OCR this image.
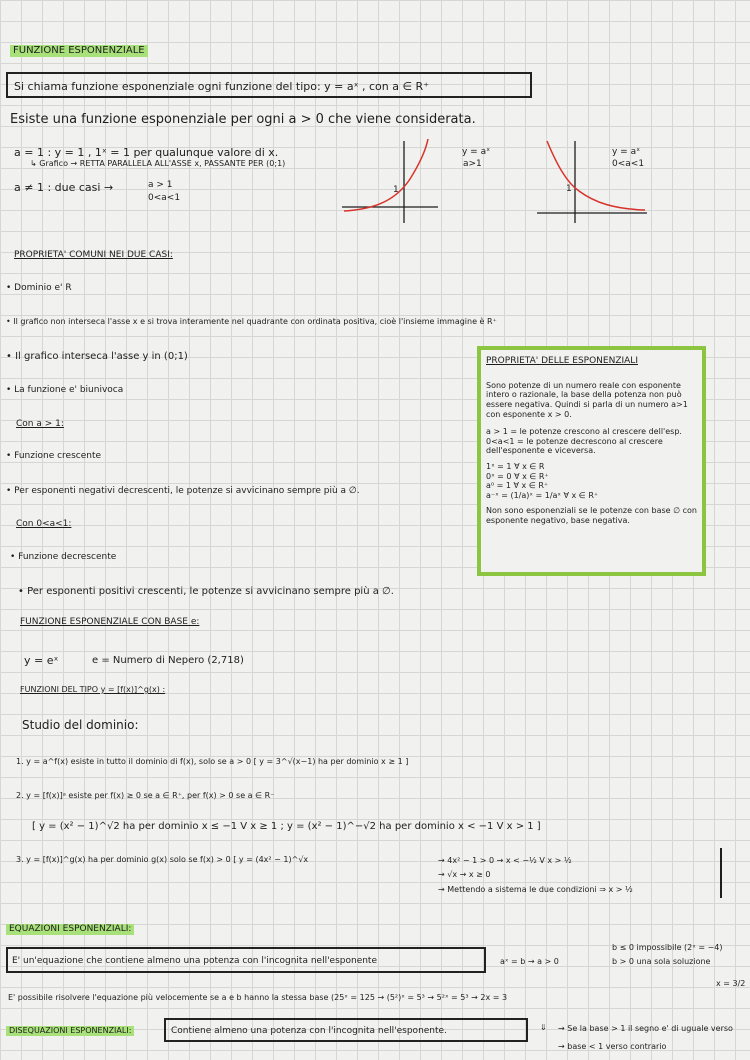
FUNZIONE ESPONENZIALE
Si chiama funzione esponenziale ogni funzione del tipo: y = aˣ , con a ∈ R⁺
Esiste una funzione esponenziale per ogni a > 0 che viene considerata.
a = 1 : y = 1 , 1ˣ = 1 per qualunque valore di x.
↳ Grafico → RETTA PARALLELA ALL'ASSE x, PASSANTE PER (0;1)
a ≠ 1 : due casi →	a > 1
0<a<1
1
y = aˣ
a>1
1
y = aˣ
0<a<1
PROPRIETA' COMUNI NEI DUE CASI:
• Dominio e' R
• Il grafico non interseca l'asse x e si trova interamente nel quadrante con ordinata positiva, cioè l'insieme immagine è R⁺
• Il grafico interseca l'asse y in (0;1)
• La funzione e' biunivoca
Con a > 1:
• Funzione crescente
• Per esponenti negativi decrescenti, le potenze si avvicinano sempre più a ∅.
Con 0<a<1:
• Funzione decrescente
• Per esponenti positivi crescenti, le potenze si avvicinano sempre più a ∅.
PROPRIETA' DELLE ESPONENZIALI
Sono potenze di un numero reale con esponente intero o razionale, la base della potenza non può essere negativa. Quindi si parla di un numero a>1 con esponente x > 0.
a > 1 = le potenze crescono al crescere dell'esp. 0<a<1 = le potenze decrescono al crescere dell'esponente e viceversa.
1ˣ = 1 ∀ x ∈ R
0ˣ = 0 ∀ x ∈ R⁺
a⁰ = 1 ∀ x ∈ R⁺
a⁻ˣ = (1/a)ˣ = 1/aˣ ∀ x ∈ R⁺
Non sono esponenziali se le potenze con base ∅ con esponente negativo, base negativa.
FUNZIONE ESPONENZIALE CON BASE e:
y = eˣ	e = Numero di Nepero (2,718)
FUNZIONI DEL TIPO y = [f(x)]^g(x) :
Studio del dominio:
1. y = a^f(x) esiste in tutto il dominio di f(x), solo se a > 0 [ y = 3^√(x−1) ha per dominio x ≥ 1 ]
2. y = [f(x)]ᵃ esiste per f(x) ≥ 0 se a ∈ R⁺, per f(x) > 0 se a ∈ R⁻
[ y = (x² − 1)^√2 ha per dominio x ≤ −1 V x ≥ 1 ; y = (x² − 1)^−√2 ha per dominio x < −1 V x > 1 ]
3. y = [f(x)]^g(x) ha per dominio g(x) solo se f(x) > 0 [ y = (4x² − 1)^√x	→ 4x² − 1 > 0 → x < −½ V x > ½
→ √x → x ≥ 0
→ Mettendo a sistema le due condizioni ⇒ x > ½
EQUAZIONI ESPONENZIALI:
E' un'equazione che contiene almeno una potenza con l'incognita nell'esponente	aˣ = b → a > 0
b ≤ 0 impossibile (2ˣ = −4)
b > 0 una sola soluzione
E' possibile risolvere l'equazione più velocemente se a e b hanno la stessa base (25ˣ = 125 → (5²)ˣ = 5³ → 5²ˣ = 5³ → 2x = 3
x = 3/2
DISEQUAZIONI ESPONENZIALI:	Contiene almeno una potenza con l'incognita nell'esponente.	⇓ → Se la base > 1 il segno e' di uguale verso
→ base < 1 verso contrario
